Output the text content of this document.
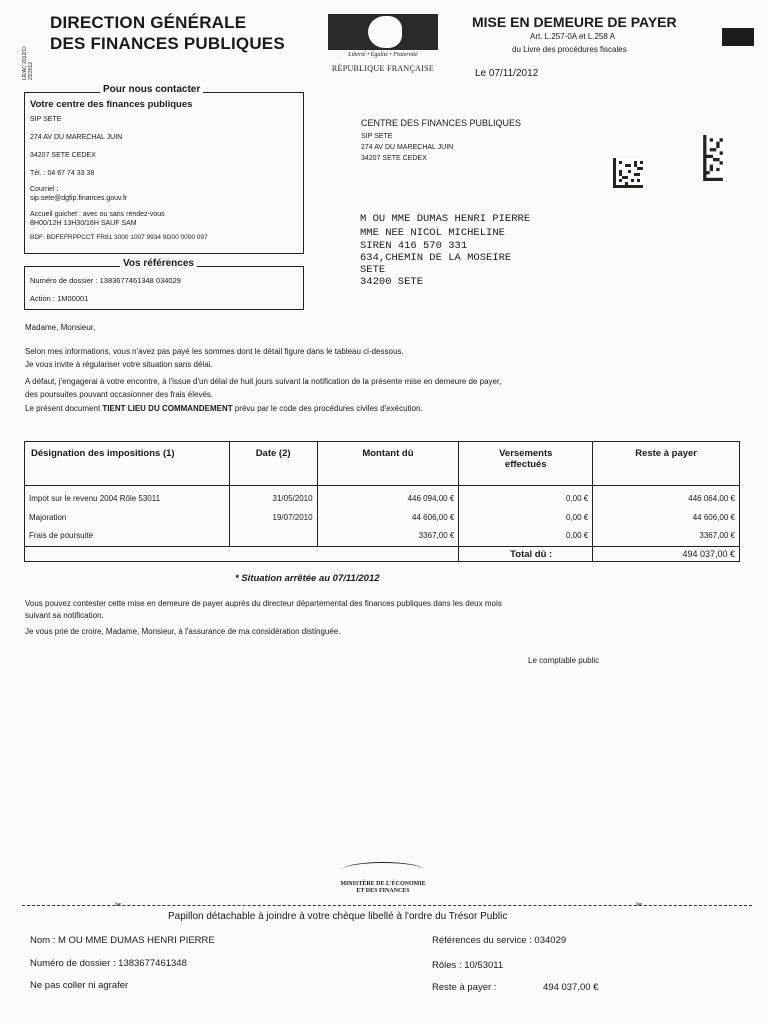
DIRECTION GÉNÉRALE
DES FINANCES PUBLIQUES
LR/AC 2012/CI 23/2012
Liberté • Égalité • Fraternité
RÉPUBLIQUE FRANÇAISE
MISE EN DEMEURE DE PAYER
Art. L.257-0A et L.258 A
du Livre des procédures fiscales
Le 07/11/2012
Pour nous contacter
Votre centre des finances publiques
SIP SETE
274 AV DU MARECHAL JUIN
34207 SETE CEDEX
Tél. : 04 67 74 33 38
Courriel :
sip.sete@dgfip.finances.gouv.fr
Accueil guichet : avec ou sans rendez-vous
8H00/12H 13H30/16H SAUF SAM
BDF: BDFEFRPPCCT FR81 3000 1007 9934 9G00 0000 097
Vos références
Numéro de dossier : 1383677461348 034029
Action : 1M00001
CENTRE DES FINANCES PUBLIQUES
SIP SETE
274 AV DU MARECHAL JUIN
34207 SETE CEDEX
M OU MME DUMAS HENRI PIERRE
MME NEE NICOL MICHELINE
SIREN 416 570 331
634,CHEMIN DE LA MOSEIRE
SETE
34200 SETE
Madame, Monsieur,
Selon mes informations, vous n'avez pas payé les sommes dont le détail figure dans le tableau ci-dessous.
Je vous invite à régulariser votre situation sans délai.
A défaut, j'engagerai à votre encontre, à l'issue d'un délai de huit jours suivant la notification de la présente mise en demeure de payer,
des poursuites pouvant occasionner des frais élevés.
Le présent document TIENT LIEU DU COMMANDEMENT prévu par le code des procédures civiles d'exécution.
Désignation des impositions (1)	Date (2)	Montant dû	Versements effectués	Reste à payer
Impot sur le revenu 2004 Rôle 53011	31/05/2010	446 094,00 €	0,00 €	446 064,00 €
Majoration	19/07/2010	44 606,00 €	0,00 €	44 606,00 €
Frais de poursuite		3367,00 €	0,00 €	3367,00 €
			Total dû :	494 037,00 €
* Situation arrêtée au 07/11/2012
Vous pouvez contester cette mise en demeure de payer auprès du directeur départemental des finances publiques dans les deux mois
suivant sa notification.
Je vous prie de croire, Madame, Monsieur, à l'assurance de ma considération distinguée.
Le comptable public
MINISTÈRE DE L'ÉCONOMIE
ET DES FINANCES
✂	✂
Papillon détachable à joindre à votre chèque libellé à l'ordre du Trésor Public
Nom : M OU MME DUMAS HENRI PIERRE
Numéro de dossier : 1383677461348
Ne pas coller ni agrafer
Références du service : 034029
Rôles : 10/53011
Reste à payer :	494 037,00 €
